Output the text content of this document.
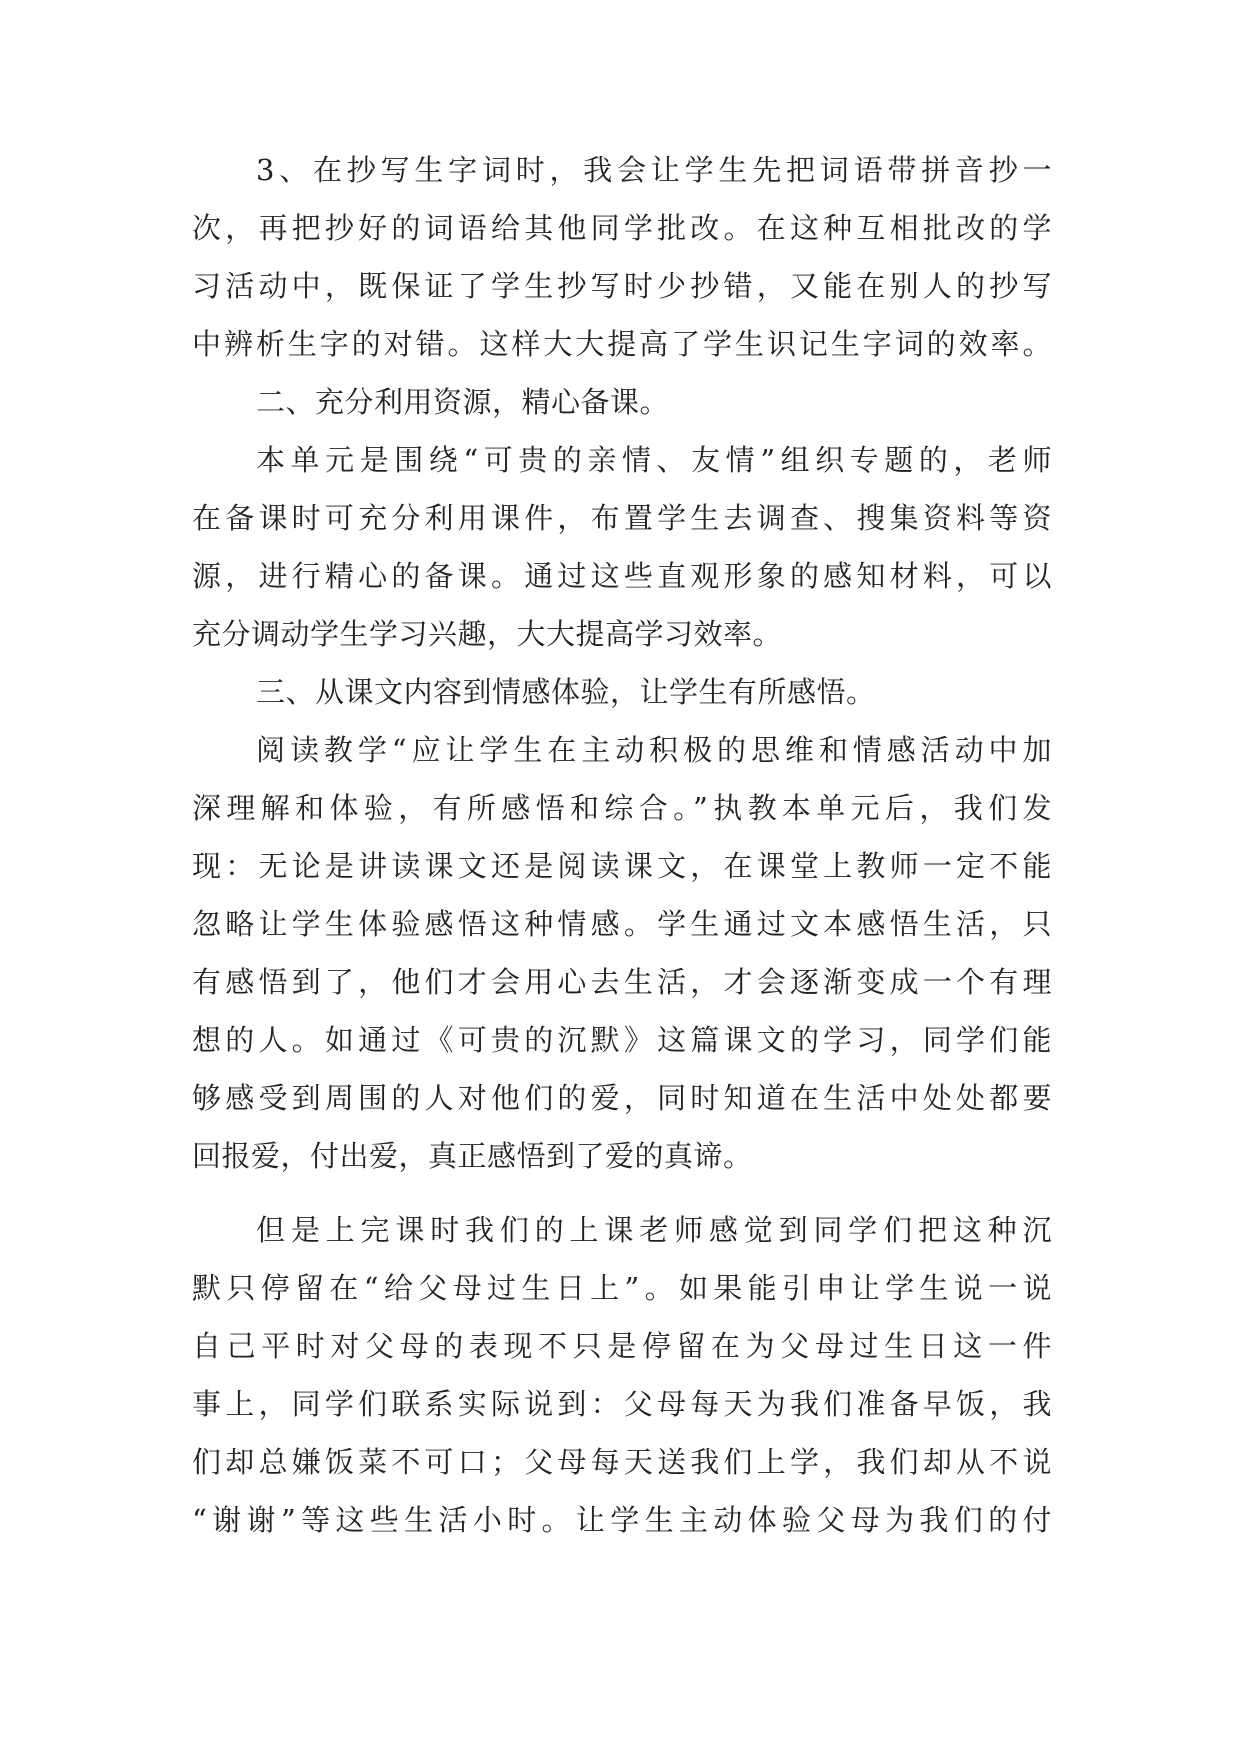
3、在抄写生字词时，我会让学生先把词语带拼音抄一
次，再把抄好的词语给其他同学批改。在这种互相批改的学
习活动中，既保证了学生抄写时少抄错，又能在别人的抄写
中辨析生字的对错。这样大大提高了学生识记生字词的效率。
二、充分利用资源，精心备课。
本单元是围绕“可贵的亲情、友情”组织专题的，老师
在备课时可充分利用课件，布置学生去调查、搜集资料等资
源，进行精心的备课。通过这些直观形象的感知材料，可以
充分调动学生学习兴趣，大大提高学习效率。
三、从课文内容到情感体验，让学生有所感悟。
阅读教学“应让学生在主动积极的思维和情感活动中加
深理解和体验，有所感悟和综合。”执教本单元后，我们发
现：无论是讲读课文还是阅读课文，在课堂上教师一定不能
忽略让学生体验感悟这种情感。学生通过文本感悟生活，只
有感悟到了，他们才会用心去生活，才会逐渐变成一个有理
想的人。如通过《可贵的沉默》这篇课文的学习，同学们能
够感受到周围的人对他们的爱，同时知道在生活中处处都要
回报爱，付出爱，真正感悟到了爱的真谛。
但是上完课时我们的上课老师感觉到同学们把这种沉
默只停留在“给父母过生日上”。如果能引申让学生说一说
自己平时对父母的表现不只是停留在为父母过生日这一件
事上，同学们联系实际说到：父母每天为我们准备早饭，我
们却总嫌饭菜不可口；父母每天送我们上学，我们却从不说
“谢谢”等这些生活小时。让学生主动体验父母为我们的付
